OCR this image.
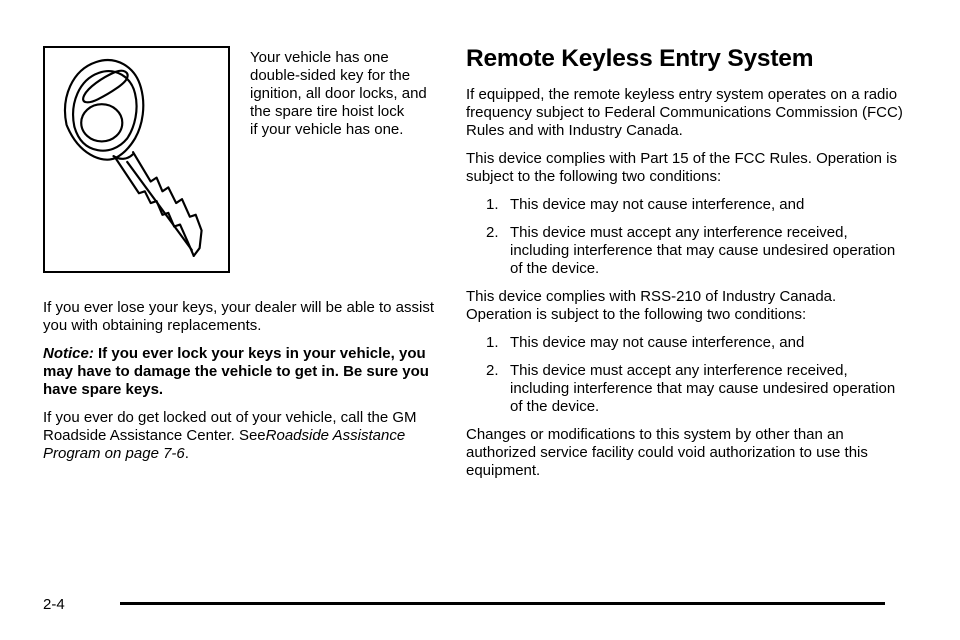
Your vehicle has one
double-sided key for the
ignition, all door locks, and
the spare tire hoist lock
if your vehicle has one.

If you ever lose your keys, your dealer will be able to assist you with obtaining replacements.

Notice: If you ever lock your keys in your vehicle, you may have to damage the vehicle to get in. Be sure you have spare keys.

If you ever do get locked out of your vehicle, call the GM Roadside Assistance Center. SeeRoadside Assistance Program on page 7-6.

Remote Keyless Entry System

If equipped, the remote keyless entry system operates on a radio frequency subject to Federal Communications Commission (FCC) Rules and with Industry Canada.

This device complies with Part 15 of the FCC Rules. Operation is subject to the following two conditions:

1. This device may not cause interference, and
2. This device must accept any interference received, including interference that may cause undesired operation of the device.

This device complies with RSS-210 of Industry Canada. Operation is subject to the following two conditions:

1. This device may not cause interference, and
2. This device must accept any interference received, including interference that may cause undesired operation of the device.

Changes or modifications to this system by other than an authorized service facility could void authorization to use this equipment.

2-4
